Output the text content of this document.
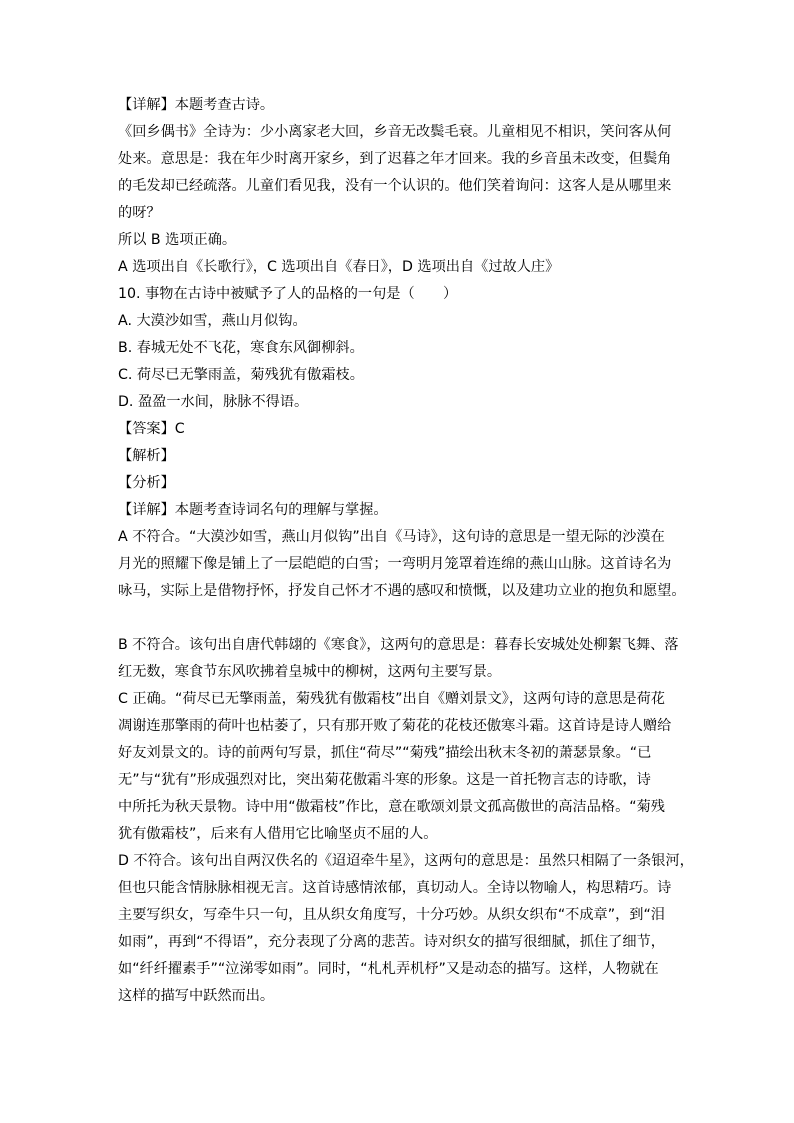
【详解】本题考查古诗。
《回乡偶书》全诗为：少小离家老大回，乡音无改鬓毛衰。儿童相见不相识，笑问客从何
处来。意思是：我在年少时离开家乡，到了迟暮之年才回来。我的乡音虽未改变，但鬓角
的毛发却已经疏落。儿童们看见我，没有一个认识的。他们笑着询问：这客人是从哪里来
的呀？
所以 B 选项正确。
A 选项出自《长歌行》，C 选项出自《春日》，D 选项出自《过故人庄》
10. 事物在古诗中被赋予了人的品格的一句是（　　）
A. 大漠沙如雪，燕山月似钩。
B. 春城无处不飞花，寒食东风御柳斜。
C. 荷尽已无擎雨盖，菊残犹有傲霜枝。
D. 盈盈一水间，脉脉不得语。
【答案】C
【解析】
【分析】
【详解】本题考查诗词名句的理解与掌握。
A 不符合。“大漠沙如雪，燕山月似钩”出自《马诗》，这句诗的意思是一望无际的沙漠在
月光的照耀下像是铺上了一层皑皑的白雪；一弯明月笼罩着连绵的燕山山脉。这首诗名为
咏马，实际上是借物抒怀，抒发自己怀才不遇的感叹和愤慨，以及建功立业的抱负和愿望。
B 不符合。该句出自唐代韩翃的《寒食》，这两句的意思是：暮春长安城处处柳絮飞舞、落
红无数，寒食节东风吹拂着皇城中的柳树，这两句主要写景。
C 正确。“荷尽已无擎雨盖，菊残犹有傲霜枝”出自《赠刘景文》，这两句诗的意思是荷花
凋谢连那擎雨的荷叶也枯萎了，只有那开败了菊花的花枝还傲寒斗霜。这首诗是诗人赠给
好友刘景文的。诗的前两句写景，抓住“荷尽”“菊残”描绘出秋末冬初的萧瑟景象。“已
无”与“犹有”形成强烈对比，突出菊花傲霜斗寒的形象。这是一首托物言志的诗歌，诗
中所托为秋天景物。诗中用“傲霜枝”作比，意在歌颂刘景文孤高傲世的高洁品格。“菊残
犹有傲霜枝”，后来有人借用它比喻坚贞不屈的人。
D 不符合。该句出自两汉佚名的《迢迢牵牛星》，这两句的意思是：虽然只相隔了一条银河，
但也只能含情脉脉相视无言。这首诗感情浓郁，真切动人。全诗以物喻人，构思精巧。诗
主要写织女，写牵牛只一句，且从织女角度写，十分巧妙。从织女织布“不成章”，到“泪
如雨”，再到“不得语”，充分表现了分离的悲苦。诗对织女的描写很细腻，抓住了细节，
如“纤纤擢素手”“泣涕零如雨”。同时，“札札弄机杼”又是动态的描写。这样，人物就在
这样的描写中跃然而出。
